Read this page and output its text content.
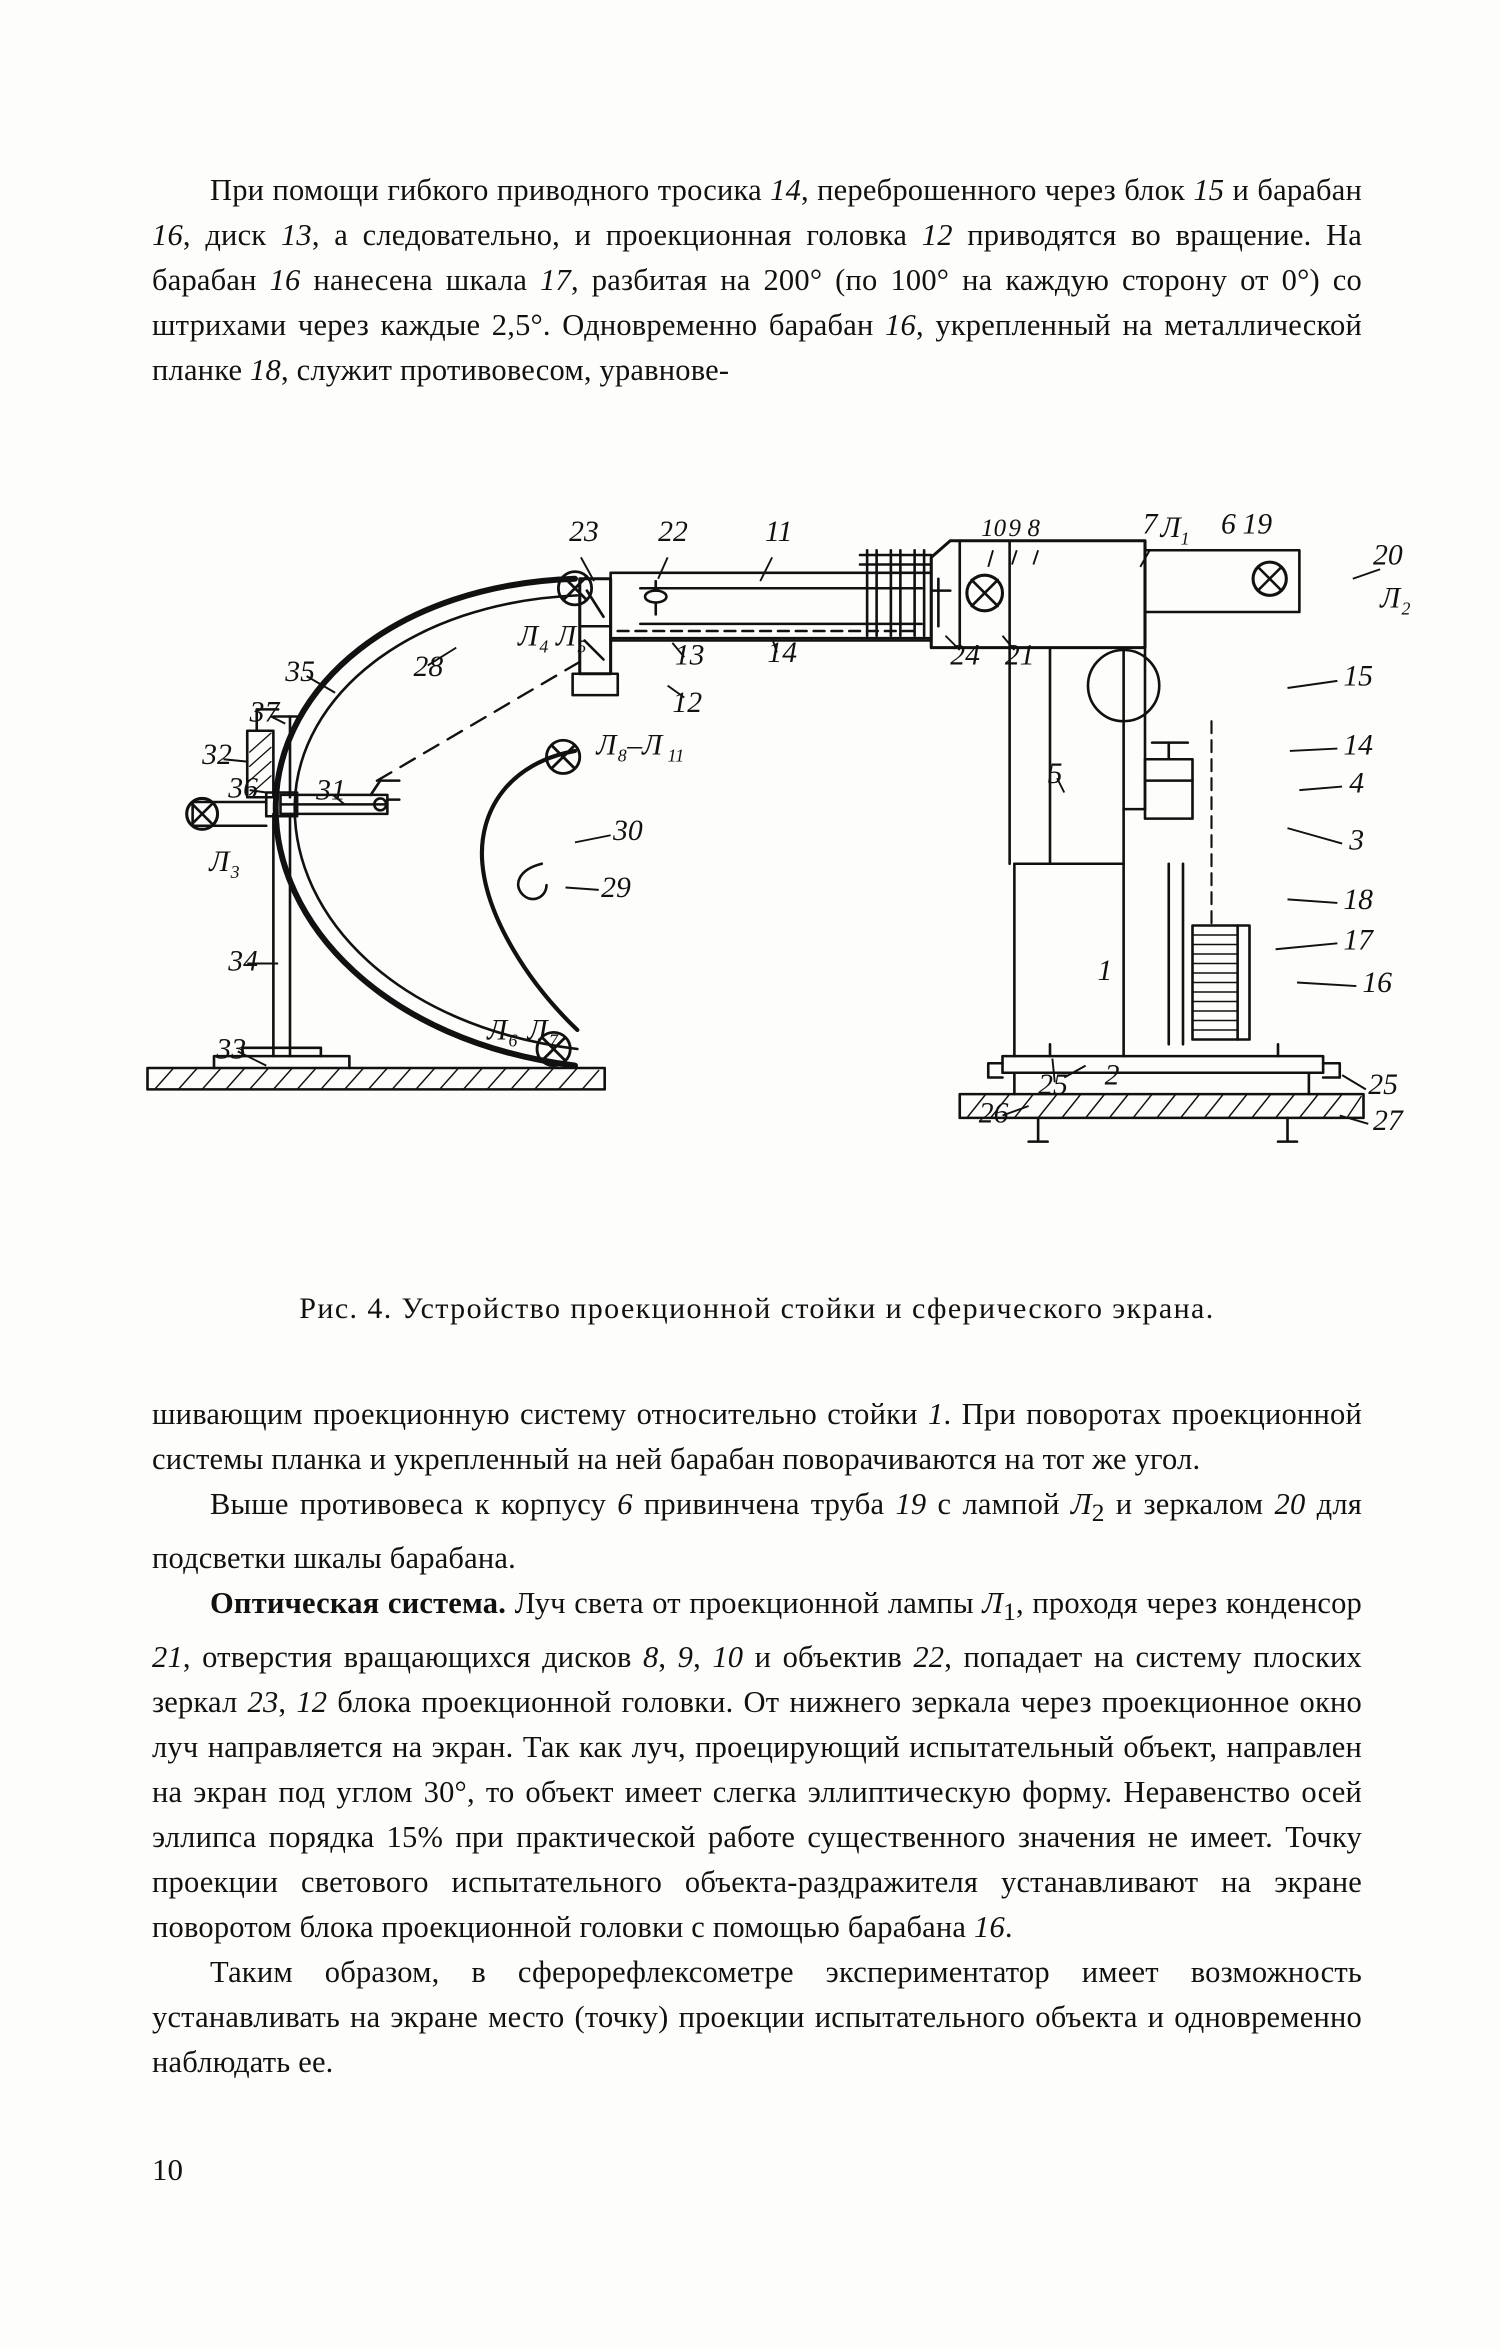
При помощи гибкого приводного тросика 14, переброшенного через блок 15 и барабан 16, диск 13, а следовательно, и проекционная головка 12 приводятся во вращение. На барабан 16 нанесена шкала 17, разбитая на 200° (по 100° на каждую сторону от 0°) со штрихами через каждые 2,5°. Одновременно барабан 16, укрепленный на металлической планке 18, служит противовесом, уравнове-

23 22	11	10 9 8	7	6 19
20
15
14
4
3
18
17
16
25
27
5
1
2
25
26
13	14	24 21
12
28
35
37
32
36 31
30
29
34
33
Л 1
Л 2
Л 4 Л 5
Л 8 –Л 11
Л 3
Л 6 Л 7
Рис. 4. Устройство проекционной стойки и сферического экрана.

шивающим проекционную систему относительно стойки 1. При поворотах проекционной системы планка и укрепленный на ней барабан поворачиваются на тот же угол.

Выше противовеса к корпусу 6 привинчена труба 19 с лампой $Л_2$ и зеркалом 20 для подсветки шкалы барабана.

Оптическая система. Луч света от проекционной лампы $Л_1$, проходя через конденсор 21, отверстия вращающихся дисков 8, 9, 10 и объектив 22, попадает на систему плоских зеркал 23, 12 блока проекционной головки. От нижнего зеркала через проекционное окно луч направляется на экран. Так как луч, проецирующий испытательный объект, направлен на экран под углом 30°, то объект имеет слегка эллиптическую форму. Неравенство осей эллипса порядка 15% при практической работе существенного значения не имеет. Точку проекции светового испытательного объекта-раздражителя устанавливают на экране поворотом блока проекционной головки с помощью барабана 16.

Таким образом, в сферорефлексометре экспериментатор имеет возможность устанавливать на экране место (точку) проекции испытательного объекта и одновременно наблюдать ее.

10
